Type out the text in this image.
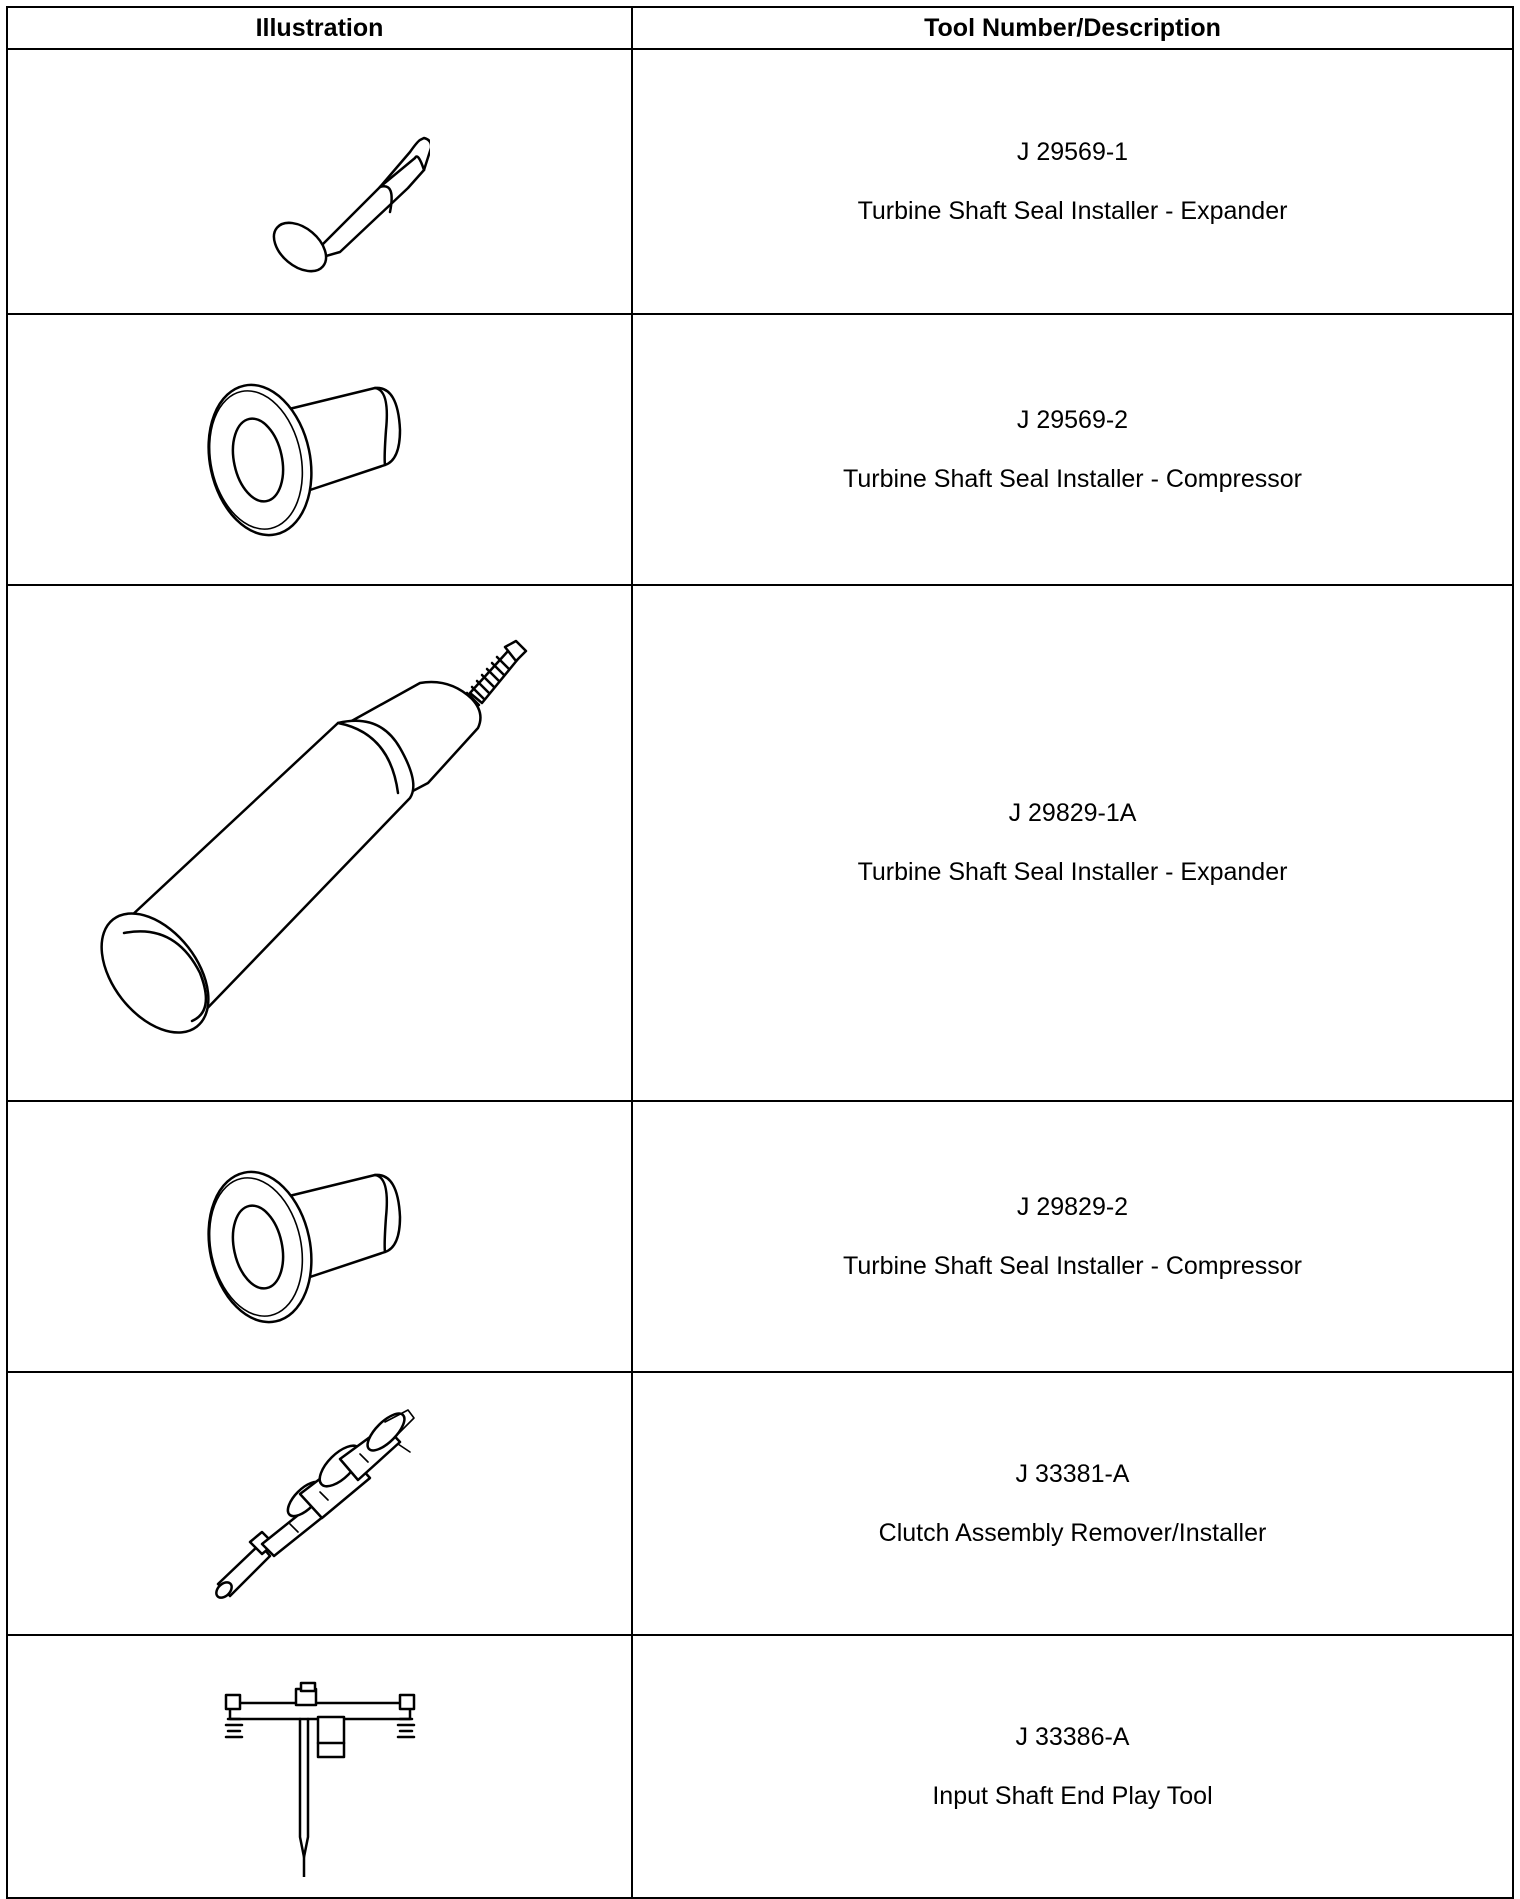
Illustration	Tool Number/Description

J 29569-1
Turbine Shaft Seal Installer - Expander

J 29569-2
Turbine Shaft Seal Installer - Compressor

J 29829-1A
Turbine Shaft Seal Installer - Expander

J 29829-2
Turbine Shaft Seal Installer - Compressor

J 33381-A
Clutch Assembly Remover/Installer

J 33386-A
Input Shaft End Play Tool
